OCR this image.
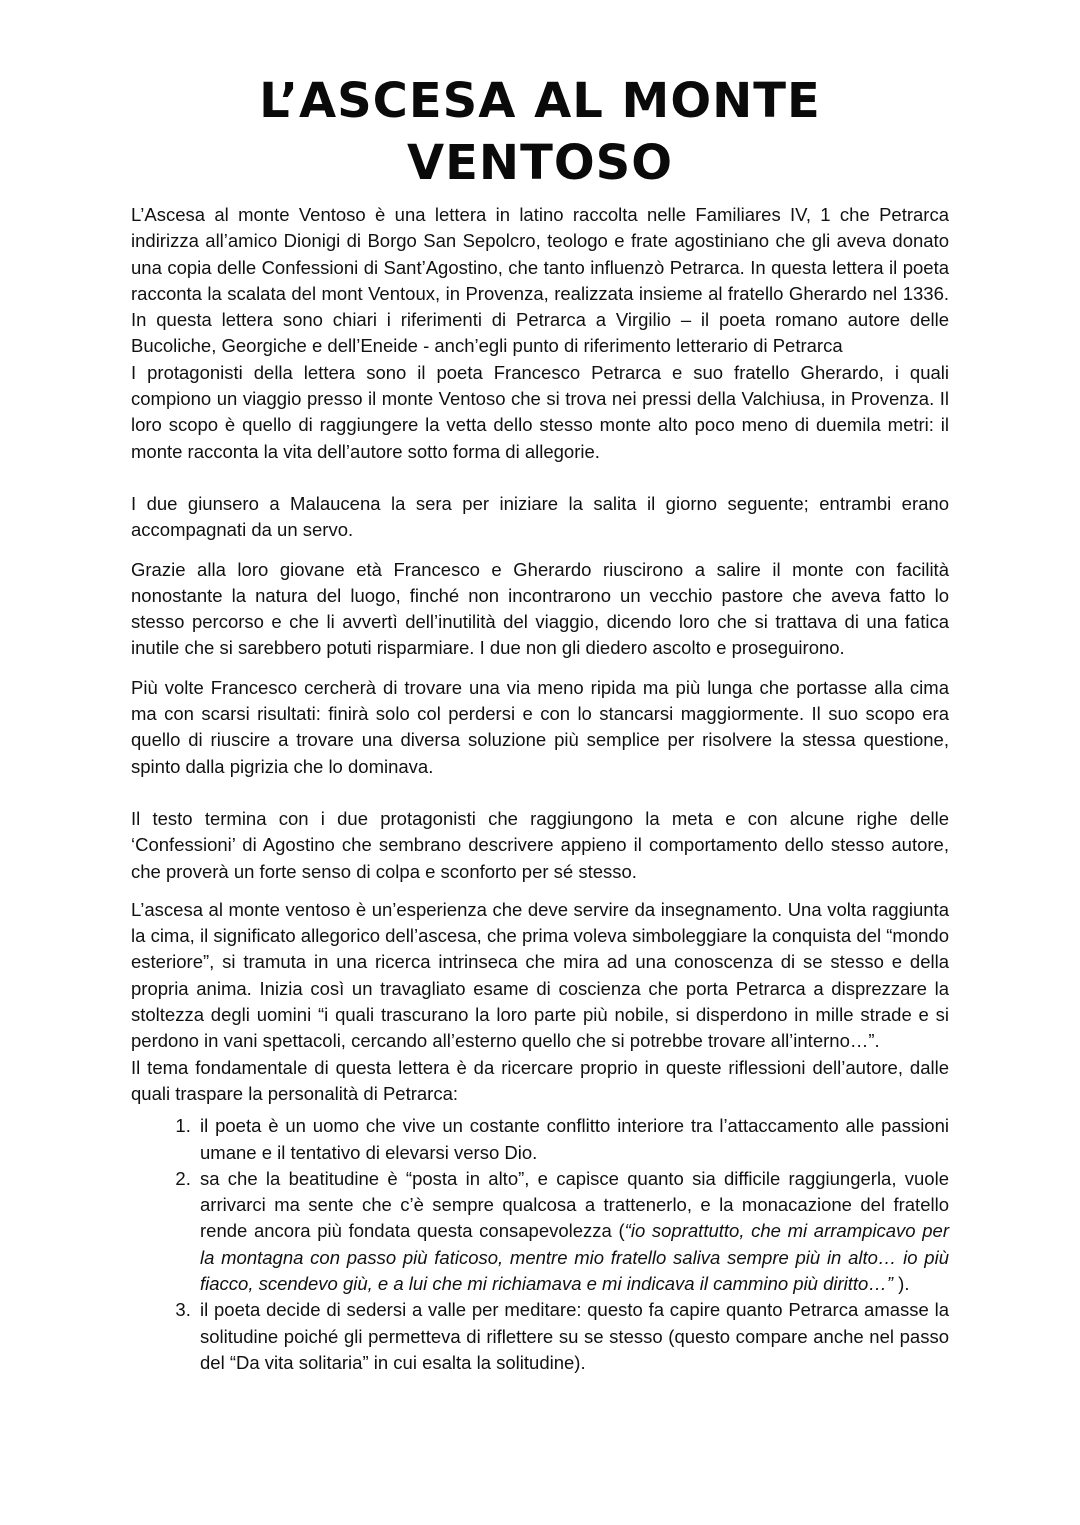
L’ASCESA AL MONTE VENTOSO

L’Ascesa al monte Ventoso è una lettera in latino raccolta nelle Familiares IV, 1 che Petrarca indirizza all’amico Dionigi di Borgo San Sepolcro, teologo e frate agostiniano che gli aveva donato una copia delle Confessioni di Sant’Agostino, che tanto influenzò Petrarca. In questa lettera il poeta racconta la scalata del mont Ventoux, in Provenza, realizzata insieme al fratello Gherardo nel 1336. In questa lettera sono chiari i riferimenti di Petrarca a Virgilio – il poeta romano autore delle Bucoliche, Georgiche e dell’Eneide - anch’egli punto di riferimento letterario di Petrarca

I protagonisti della lettera sono il poeta Francesco Petrarca e suo fratello Gherardo, i quali compiono un viaggio presso il monte Ventoso che si trova nei pressi della Valchiusa, in Provenza. Il loro scopo è quello di raggiungere la vetta dello stesso monte alto poco meno di duemila metri: il monte racconta la vita dell’autore sotto forma di allegorie.

I due giunsero a Malaucena la sera per iniziare la salita il giorno seguente; entrambi erano accompagnati da un servo.

Grazie alla loro giovane età Francesco e Gherardo riuscirono a salire il monte con facilità nonostante la natura del luogo, finché non incontrarono un vecchio pastore che aveva fatto lo stesso percorso e che li avvertì dell’inutilità del viaggio, dicendo loro che si trattava di una fatica inutile che si sarebbero potuti risparmiare. I due non gli diedero ascolto e proseguirono.

Più volte Francesco cercherà di trovare una via meno ripida ma più lunga che portasse alla cima ma con scarsi risultati: finirà solo col perdersi e con lo stancarsi maggiormente. Il suo scopo era quello di riuscire a trovare una diversa soluzione più semplice per risolvere la stessa questione, spinto dalla pigrizia che lo dominava.

Il testo termina con i due protagonisti che raggiungono la meta e con alcune righe delle ‘Confessioni’ di Agostino che sembrano descrivere appieno il comportamento dello stesso autore, che proverà un forte senso di colpa e sconforto per sé stesso.

L’ascesa al monte ventoso è un’esperienza che deve servire da insegnamento. Una volta raggiunta la cima, il significato allegorico dell’ascesa, che prima voleva simboleggiare la conquista del “mondo esteriore”, si tramuta in una ricerca intrinseca che mira ad una conoscenza di se stesso e della propria anima. Inizia così un travagliato esame di coscienza che porta Petrarca a disprezzare la stoltezza degli uomini “i quali trascurano la loro parte più nobile, si disperdono in mille strade e si perdono in vani spettacoli, cercando all’esterno quello che si potrebbe trovare all’interno…”.

Il tema fondamentale di questa lettera è da ricercare proprio in queste riflessioni dell’autore, dalle quali traspare la personalità di Petrarca:

1. il poeta è un uomo che vive un costante conflitto interiore tra l’attaccamento alle passioni umane e il tentativo di elevarsi verso Dio.
2. sa che la beatitudine è “posta in alto”, e capisce quanto sia difficile raggiungerla, vuole arrivarci ma sente che c’è sempre qualcosa a trattenerlo, e la monacazione del fratello rende ancora più fondata questa consapevolezza (“io soprattutto, che mi arrampicavo per la montagna con passo più faticoso, mentre mio fratello saliva sempre più in alto… io più fiacco, scendevo giù, e a lui che mi richiamava e mi indicava il cammino più diritto…” ).
3. il poeta decide di sedersi a valle per meditare: questo fa capire quanto Petrarca amasse la solitudine poiché gli permetteva di riflettere su se stesso (questo compare anche nel passo del “Da vita solitaria” in cui esalta la solitudine).
